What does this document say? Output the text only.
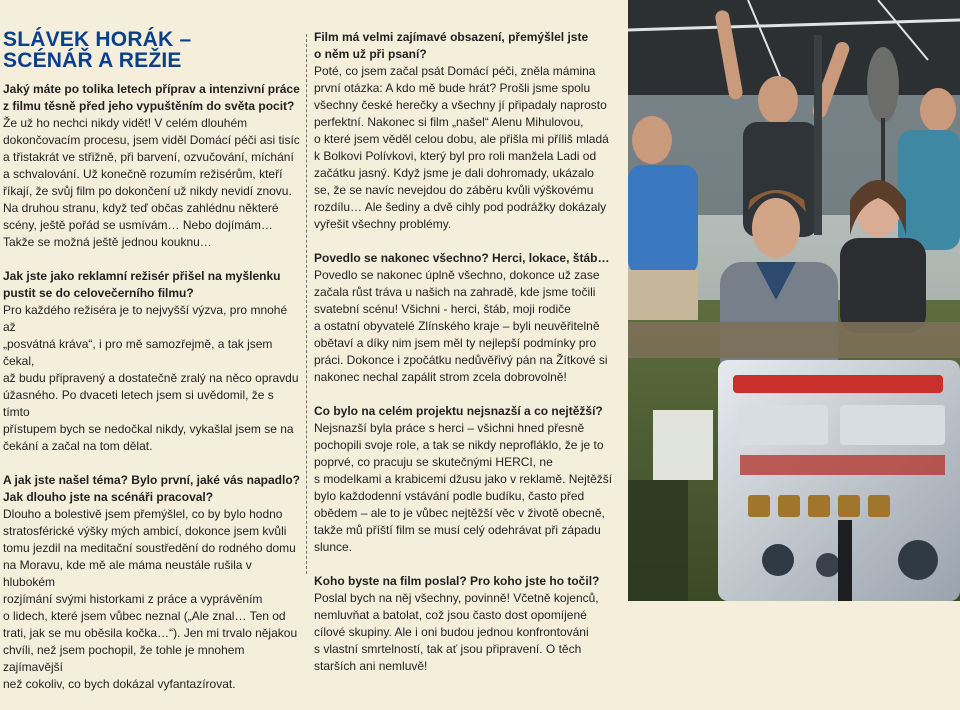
SLÁVEK HORÁK –
SCÉNÁŘ A REŽIE

Jaký máte po tolika letech příprav a intenzivní práce
z filmu těsně před jeho vypuštěním do světa pocit?

Že už ho nechci nikdy vidět! V celém dlouhém
dokončovacím procesu, jsem viděl Domácí péči asi tisíc
a třistakrát ve střižně, při barvení, ozvučování, míchání
a schvalování. Už konečně rozumím režisérům, kteří
říkají, že svůj film po dokončení už nikdy nevidí znovu.
Na druhou stranu, když teď občas zahlédnu některé
scény, ještě pořád se usmívám… Nebo dojímám…
Takže se možná ještě jednou kouknu…

Jak jste jako reklamní režisér přišel na myšlenku
pustit se do celovečerního filmu?

Pro každého režiséra je to nejvyšší výzva, pro mnohé až
„posvátná kráva“, i pro mě samozřejmě, a tak jsem čekal,
až budu připravený a dostatečně zralý na něco opravdu
úžasného. Po dvaceti letech jsem si uvědomil, že s tímto
přístupem bych se nedočkal nikdy, vykašlal jsem se na
čekání a začal na tom dělat.

A jak jste našel téma? Bylo první, jaké vás napadlo?
Jak dlouho jste na scénáři pracoval?

Dlouho a bolestivě jsem přemýšlel, co by bylo hodno
stratosférické výšky mých ambicí, dokonce jsem kvůli
tomu jezdil na meditační soustředění do rodného domu
na Moravu, kde mě ale máma neustále rušila v hlubokém
rozjímání svými historkami z práce a vyprávěním
o lidech, které jsem vůbec neznal („Ale znal… Ten od
trati, jak se mu oběsila kočka…“). Jen mi trvalo nějakou
chvíli, než jsem pochopil, že tohle je mnohem zajímavější
než cokoliv, co bych dokázal vyfantazírovat.

Film má velmi zajímavé obsazení, přemýšlel jste
o něm už při psaní?

Poté, co jsem začal psát Domácí péči, zněla mámina
první otázka: A kdo mě bude hrát? Prošli jsme spolu
všechny české herečky a všechny jí připadaly naprosto
perfektní. Nakonec si film „našel“ Alenu Mihulovou,
o které jsem věděl celou dobu, ale přišla mi příliš mladá
k Bolkovi Polívkovi, který byl pro roli manžela Ladi od
začátku jasný. Když jsme je dali dohromady, ukázalo
se, že se navíc nevejdou do záběru kvůli výškovému
rozdílu… Ale šediny a dvě cihly pod podrážky dokázaly
vyřešit všechny problémy.

Povedlo se nakonec všechno? Herci, lokace, štáb…

Povedlo se nakonec úplně všechno, dokonce už zase
začala růst tráva u našich na zahradě, kde jsme točili
svatební scénu! Všichni - herci, štáb, moji rodiče
a ostatní obyvatelé Zlínského kraje – byli neuvěřitelně
obětaví a díky nim jsem měl ty nejlepší podmínky pro
práci. Dokonce i zpočátku nedůvěřivý pán na Žítkové si
nakonec nechal zapálit strom zcela dobrovolně!

Co bylo na celém projektu nejsnazší a co nejtěžší?

Nejsnazší byla práce s herci – všichni hned přesně
pochopili svoje role, a tak se nikdy neprofláklo, že je to
poprvé, co pracuju se skutečnými HERCI, ne
s modelkami a krabicemi džusu jako v reklamě. Nejtěžší
bylo každodenní vstávání podle budíku, často před
obědem – ale to je vůbec nejtěžší věc v životě obecně,
takže mů příští film se musí celý odehrávat při západu
slunce.

Koho byste na film poslal? Pro koho jste ho točil?

Poslal bych na něj všechny, povinně! Včetně kojenců,
nemluvňat a batolat, což jsou často dost opomíjené
cílové skupiny. Ale i oni budou jednou konfrontováni
s vlastní smrtelností, tak ať jsou připravení. O těch
starších ani nemluvě!
